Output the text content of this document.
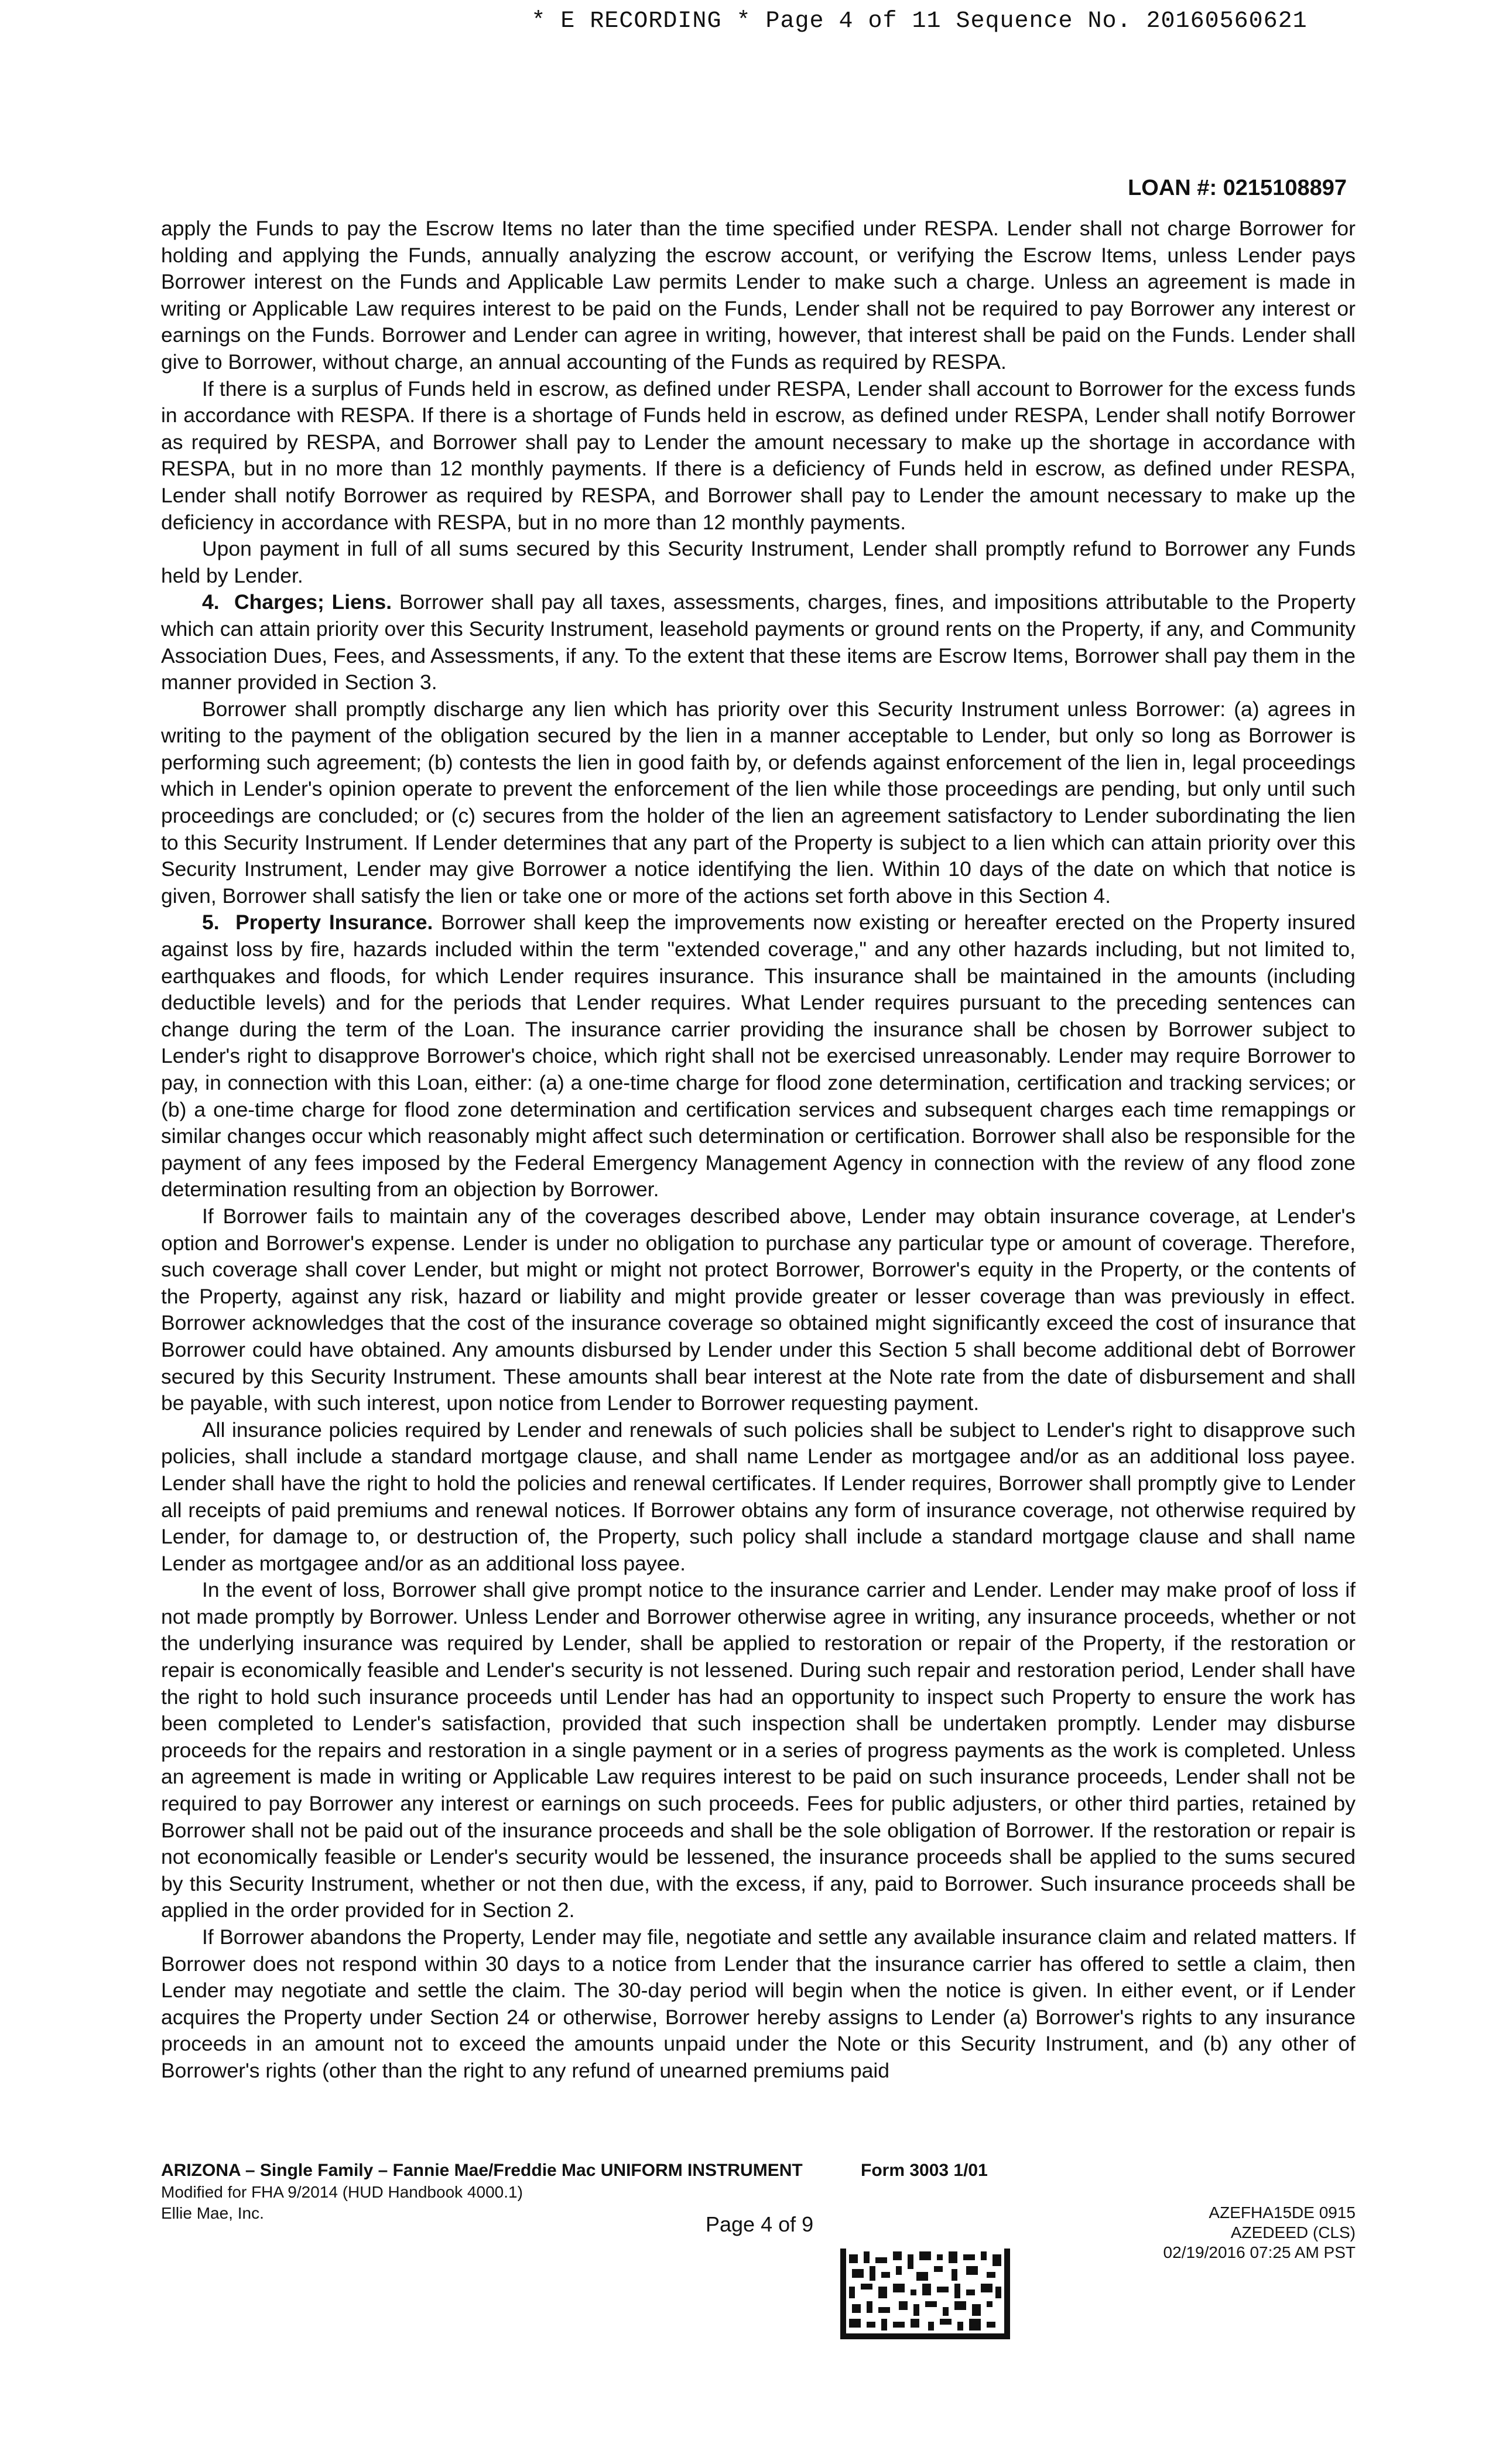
* E RECORDING * Page 4 of 11 Sequence No. 20160560621
LOAN #: 0215108897

apply the Funds to pay the Escrow Items no later than the time specified under RESPA. Lender shall not charge Borrower for holding and applying the Funds, annually analyzing the escrow account, or verifying the Escrow Items, unless Lender pays Borrower interest on the Funds and Applicable Law permits Lender to make such a charge. Unless an agreement is made in writing or Applicable Law requires interest to be paid on the Funds, Lender shall not be required to pay Borrower any interest or earnings on the Funds. Borrower and Lender can agree in writing, however, that interest shall be paid on the Funds. Lender shall give to Borrower, without charge, an annual accounting of the Funds as required by RESPA.

If there is a surplus of Funds held in escrow, as defined under RESPA, Lender shall account to Borrower for the excess funds in accordance with RESPA. If there is a shortage of Funds held in escrow, as defined under RESPA, Lender shall notify Borrower as required by RESPA, and Borrower shall pay to Lender the amount necessary to make up the shortage in accordance with RESPA, but in no more than 12 monthly payments. If there is a deficiency of Funds held in escrow, as defined under RESPA, Lender shall notify Borrower as required by RESPA, and Borrower shall pay to Lender the amount necessary to make up the deficiency in accordance with RESPA, but in no more than 12 monthly payments.

Upon payment in full of all sums secured by this Security Instrument, Lender shall promptly refund to Borrower any Funds held by Lender.

4. Charges; Liens. Borrower shall pay all taxes, assessments, charges, fines, and impositions attributable to the Property which can attain priority over this Security Instrument, leasehold payments or ground rents on the Property, if any, and Community Association Dues, Fees, and Assessments, if any. To the extent that these items are Escrow Items, Borrower shall pay them in the manner provided in Section 3.

Borrower shall promptly discharge any lien which has priority over this Security Instrument unless Borrower: (a) agrees in writing to the payment of the obligation secured by the lien in a manner acceptable to Lender, but only so long as Borrower is performing such agreement; (b) contests the lien in good faith by, or defends against enforcement of the lien in, legal proceedings which in Lender's opinion operate to prevent the enforcement of the lien while those proceedings are pending, but only until such proceedings are concluded; or (c) secures from the holder of the lien an agreement satisfactory to Lender subordinating the lien to this Security Instrument. If Lender determines that any part of the Property is subject to a lien which can attain priority over this Security Instrument, Lender may give Borrower a notice identifying the lien. Within 10 days of the date on which that notice is given, Borrower shall satisfy the lien or take one or more of the actions set forth above in this Section 4.

5. Property Insurance. Borrower shall keep the improvements now existing or hereafter erected on the Property insured against loss by fire, hazards included within the term "extended coverage," and any other hazards including, but not limited to, earthquakes and floods, for which Lender requires insurance. This insurance shall be maintained in the amounts (including deductible levels) and for the periods that Lender requires. What Lender requires pursuant to the preceding sentences can change during the term of the Loan. The insurance carrier providing the insurance shall be chosen by Borrower subject to Lender's right to disapprove Borrower's choice, which right shall not be exercised unreasonably. Lender may require Borrower to pay, in connection with this Loan, either: (a) a one-time charge for flood zone determination, certification and tracking services; or (b) a one-time charge for flood zone determination and certification services and subsequent charges each time remappings or similar changes occur which reasonably might affect such determination or certification. Borrower shall also be responsible for the payment of any fees imposed by the Federal Emergency Management Agency in connection with the review of any flood zone determination resulting from an objection by Borrower.

If Borrower fails to maintain any of the coverages described above, Lender may obtain insurance coverage, at Lender's option and Borrower's expense. Lender is under no obligation to purchase any particular type or amount of coverage. Therefore, such coverage shall cover Lender, but might or might not protect Borrower, Borrower's equity in the Property, or the contents of the Property, against any risk, hazard or liability and might provide greater or lesser coverage than was previously in effect. Borrower acknowledges that the cost of the insurance coverage so obtained might significantly exceed the cost of insurance that Borrower could have obtained. Any amounts disbursed by Lender under this Section 5 shall become additional debt of Borrower secured by this Security Instrument. These amounts shall bear interest at the Note rate from the date of disbursement and shall be payable, with such interest, upon notice from Lender to Borrower requesting payment.

All insurance policies required by Lender and renewals of such policies shall be subject to Lender's right to disapprove such policies, shall include a standard mortgage clause, and shall name Lender as mortgagee and/or as an additional loss payee. Lender shall have the right to hold the policies and renewal certificates. If Lender requires, Borrower shall promptly give to Lender all receipts of paid premiums and renewal notices. If Borrower obtains any form of insurance coverage, not otherwise required by Lender, for damage to, or destruction of, the Property, such policy shall include a standard mortgage clause and shall name Lender as mortgagee and/or as an additional loss payee.

In the event of loss, Borrower shall give prompt notice to the insurance carrier and Lender. Lender may make proof of loss if not made promptly by Borrower. Unless Lender and Borrower otherwise agree in writing, any insurance proceeds, whether or not the underlying insurance was required by Lender, shall be applied to restoration or repair of the Property, if the restoration or repair is economically feasible and Lender's security is not lessened. During such repair and restoration period, Lender shall have the right to hold such insurance proceeds until Lender has had an opportunity to inspect such Property to ensure the work has been completed to Lender's satisfaction, provided that such inspection shall be undertaken promptly. Lender may disburse proceeds for the repairs and restoration in a single payment or in a series of progress payments as the work is completed. Unless an agreement is made in writing or Applicable Law requires interest to be paid on such insurance proceeds, Lender shall not be required to pay Borrower any interest or earnings on such proceeds. Fees for public adjusters, or other third parties, retained by Borrower shall not be paid out of the insurance proceeds and shall be the sole obligation of Borrower. If the restoration or repair is not economically feasible or Lender's security would be lessened, the insurance proceeds shall be applied to the sums secured by this Security Instrument, whether or not then due, with the excess, if any, paid to Borrower. Such insurance proceeds shall be applied in the order provided for in Section 2.

If Borrower abandons the Property, Lender may file, negotiate and settle any available insurance claim and related matters. If Borrower does not respond within 30 days to a notice from Lender that the insurance carrier has offered to settle a claim, then Lender may negotiate and settle the claim. The 30-day period will begin when the notice is given. In either event, or if Lender acquires the Property under Section 24 or otherwise, Borrower hereby assigns to Lender (a) Borrower's rights to any insurance proceeds in an amount not to exceed the amounts unpaid under the Note or this Security Instrument, and (b) any other of Borrower's rights (other than the right to any refund of unearned premiums paid

ARIZONA – Single Family – Fannie Mae/Freddie Mac UNIFORM INSTRUMENT	Form 3003 1/01
Modified for FHA 9/2014 (HUD Handbook 4000.1)
Ellie Mae, Inc.	Page 4 of 9	AZEFHA15DE 0915
AZEDEED (CLS)
02/19/2016 07:25 AM PST
